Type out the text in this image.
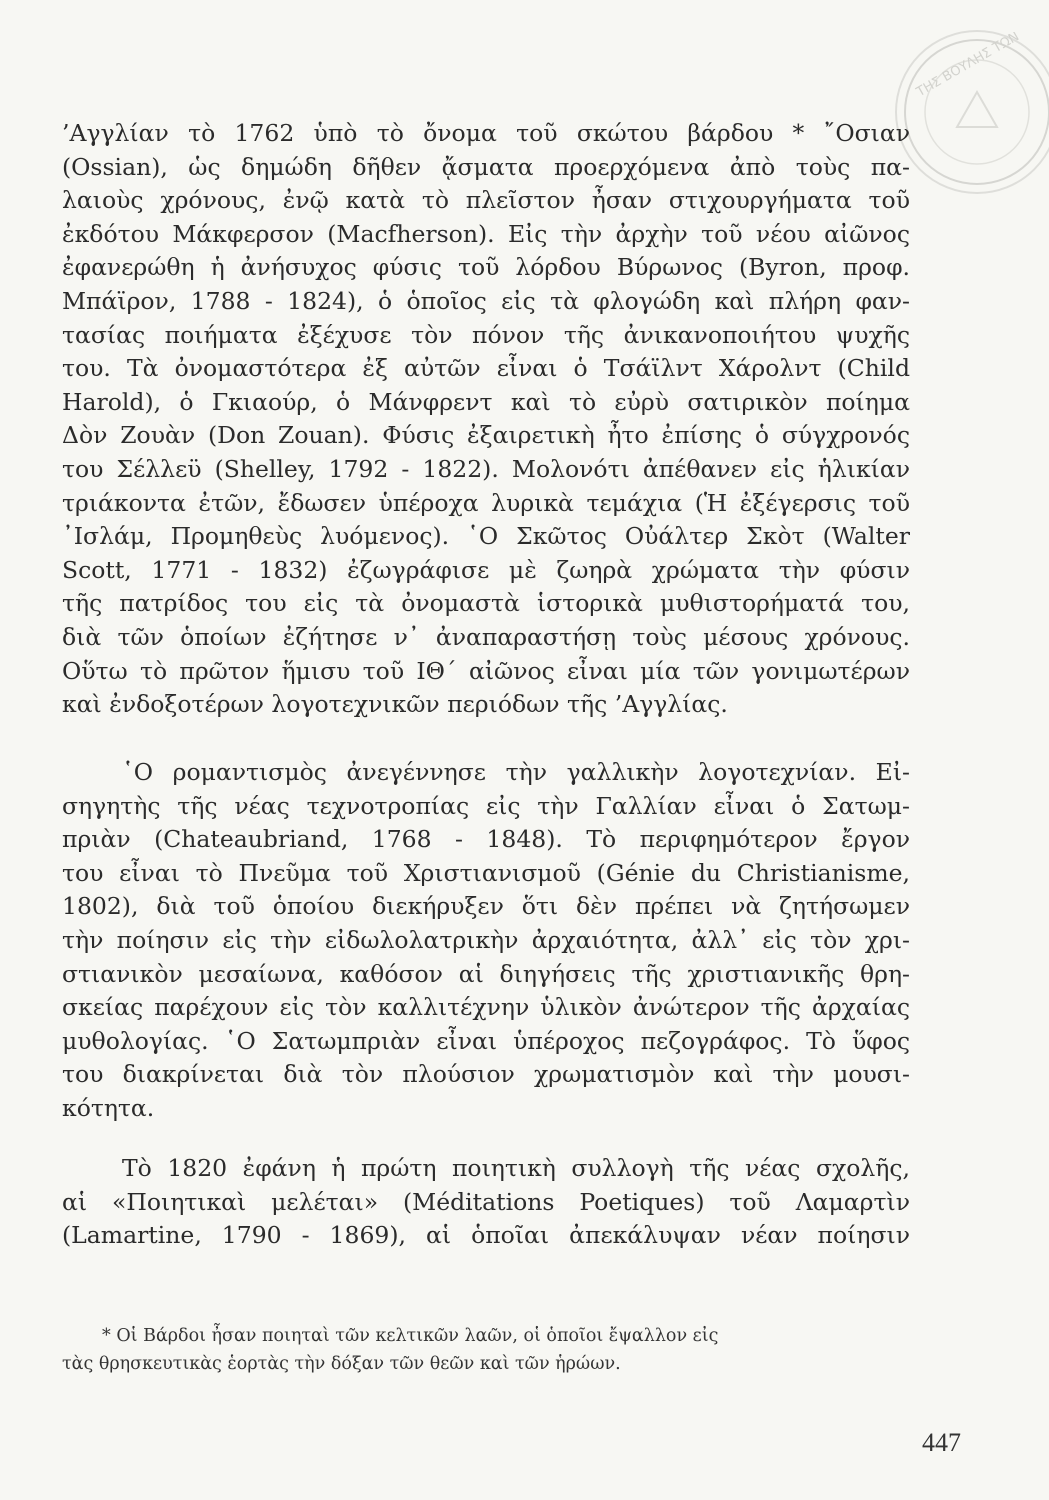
ΤΗΣ ΒΟΥΛΗΣ ΤΩΝ
’Αγγλίαν τὸ 1762 ὑπὸ τὸ ὄνομα τοῦ σκώτου βάρδου * ῎Οσιαν
(Ossian), ὡς δημώδη δῆθεν ᾄσματα προερχόμενα ἀπὸ τοὺς πα-
λαιοὺς χρόνους, ἐνῷ κατὰ τὸ πλεῖστον ἦσαν στιχουργήματα τοῦ
ἐκδότου Μάκφερσον (Macfherson). Εἰς τὴν ἀρχὴν τοῦ νέου αἰῶνος
ἐφανερώθη ἡ ἀνήσυχος φύσις τοῦ λόρδου Βύρωνος (Byron, προφ.
Μπάϊρον, 1788 - 1824), ὁ ὁποῖος εἰς τὰ φλογώδη καὶ πλήρη φαν-
τασίας ποιήματα ἐξέχυσε τὸν πόνον τῆς ἀνικανοποιήτου ψυχῆς
του. Τὰ ὀνομαστότερα ἐξ αὐτῶν εἶναι ὁ Τσάϊλντ Χάρολντ (Child
Harold), ὁ Γκιαούρ, ὁ Μάνφρεντ καὶ τὸ εὐρὺ σατιρικὸν ποίημα
Δὸν Ζουὰν (Don Zouan). Φύσις ἐξαιρετικὴ ἦτο ἐπίσης ὁ σύγχρονός
του Σέλλεϋ (Shelley, 1792 - 1822). Μολονότι ἀπέθανεν εἰς ἡλικίαν
τριάκοντα ἐτῶν, ἔδωσεν ὑπέροχα λυρικὰ τεμάχια (Ἡ ἐξέγερσις τοῦ
᾿Ισλάμ, Προμηθεὺς λυόμενος). ῾Ο Σκῶτος Οὐάλτερ Σκὸτ (Walter
Scott, 1771 - 1832) ἐζωγράφισε μὲ ζωηρὰ χρώματα τὴν φύσιν
τῆς πατρίδος του εἰς τὰ ὀνομαστὰ ἱστορικὰ μυθιστορήματά του,
διὰ τῶν ὁποίων ἐζήτησε ν᾿ ἀναπαραστήσῃ τοὺς μέσους χρόνους.
Οὕτω τὸ πρῶτον ἥμισυ τοῦ ΙΘ΄ αἰῶνος εἶναι μία τῶν γονιμωτέρων
καὶ ἐνδοξοτέρων λογοτεχνικῶν περιόδων τῆς ’Αγγλίας.
῾Ο ρομαντισμὸς ἀνεγέννησε τὴν γαλλικὴν λογοτεχνίαν. Εἰ-
σηγητὴς τῆς νέας τεχνοτροπίας εἰς τὴν Γαλλίαν εἶναι ὁ Σατωμ-
πριὰν (Chateaubriand, 1768 - 1848). Τὸ περιφημότερον ἔργον
του εἶναι τὸ Πνεῦμα τοῦ Χριστιανισμοῦ (Génie du Christianisme,
1802), διὰ τοῦ ὁποίου διεκήρυξεν ὅτι δὲν πρέπει νὰ ζητήσωμεν
τὴν ποίησιν εἰς τὴν εἰδωλολατρικὴν ἀρχαιότητα, ἀλλ᾿ εἰς τὸν χρι-
στιανικὸν μεσαίωνα, καθόσον αἱ διηγήσεις τῆς χριστιανικῆς θρη-
σκείας παρέχουν εἰς τὸν καλλιτέχνην ὑλικὸν ἀνώτερον τῆς ἀρχαίας
μυθολογίας. ῾Ο Σατωμπριὰν εἶναι ὑπέροχος πεζογράφος. Τὸ ὕφος
του διακρίνεται διὰ τὸν πλούσιον χρωματισμὸν καὶ τὴν μουσι-
κότητα.
Τὸ 1820 ἐφάνη ἡ πρώτη ποιητικὴ συλλογὴ τῆς νέας σχολῆς,
αἱ «Ποιητικαὶ μελέται» (Méditations Poetiques) τοῦ Λαμαρτὶν
(Lamartine, 1790 - 1869), αἱ ὁποῖαι ἀπεκάλυψαν νέαν ποίησιν
* Οἱ Βάρδοι ἦσαν ποιηταὶ τῶν κελτικῶν λαῶν, οἱ ὁποῖοι ἔψαλλον εἰς
τὰς θρησκευτικὰς ἑορτὰς τὴν δόξαν τῶν θεῶν καὶ τῶν ἡρώων.
447
